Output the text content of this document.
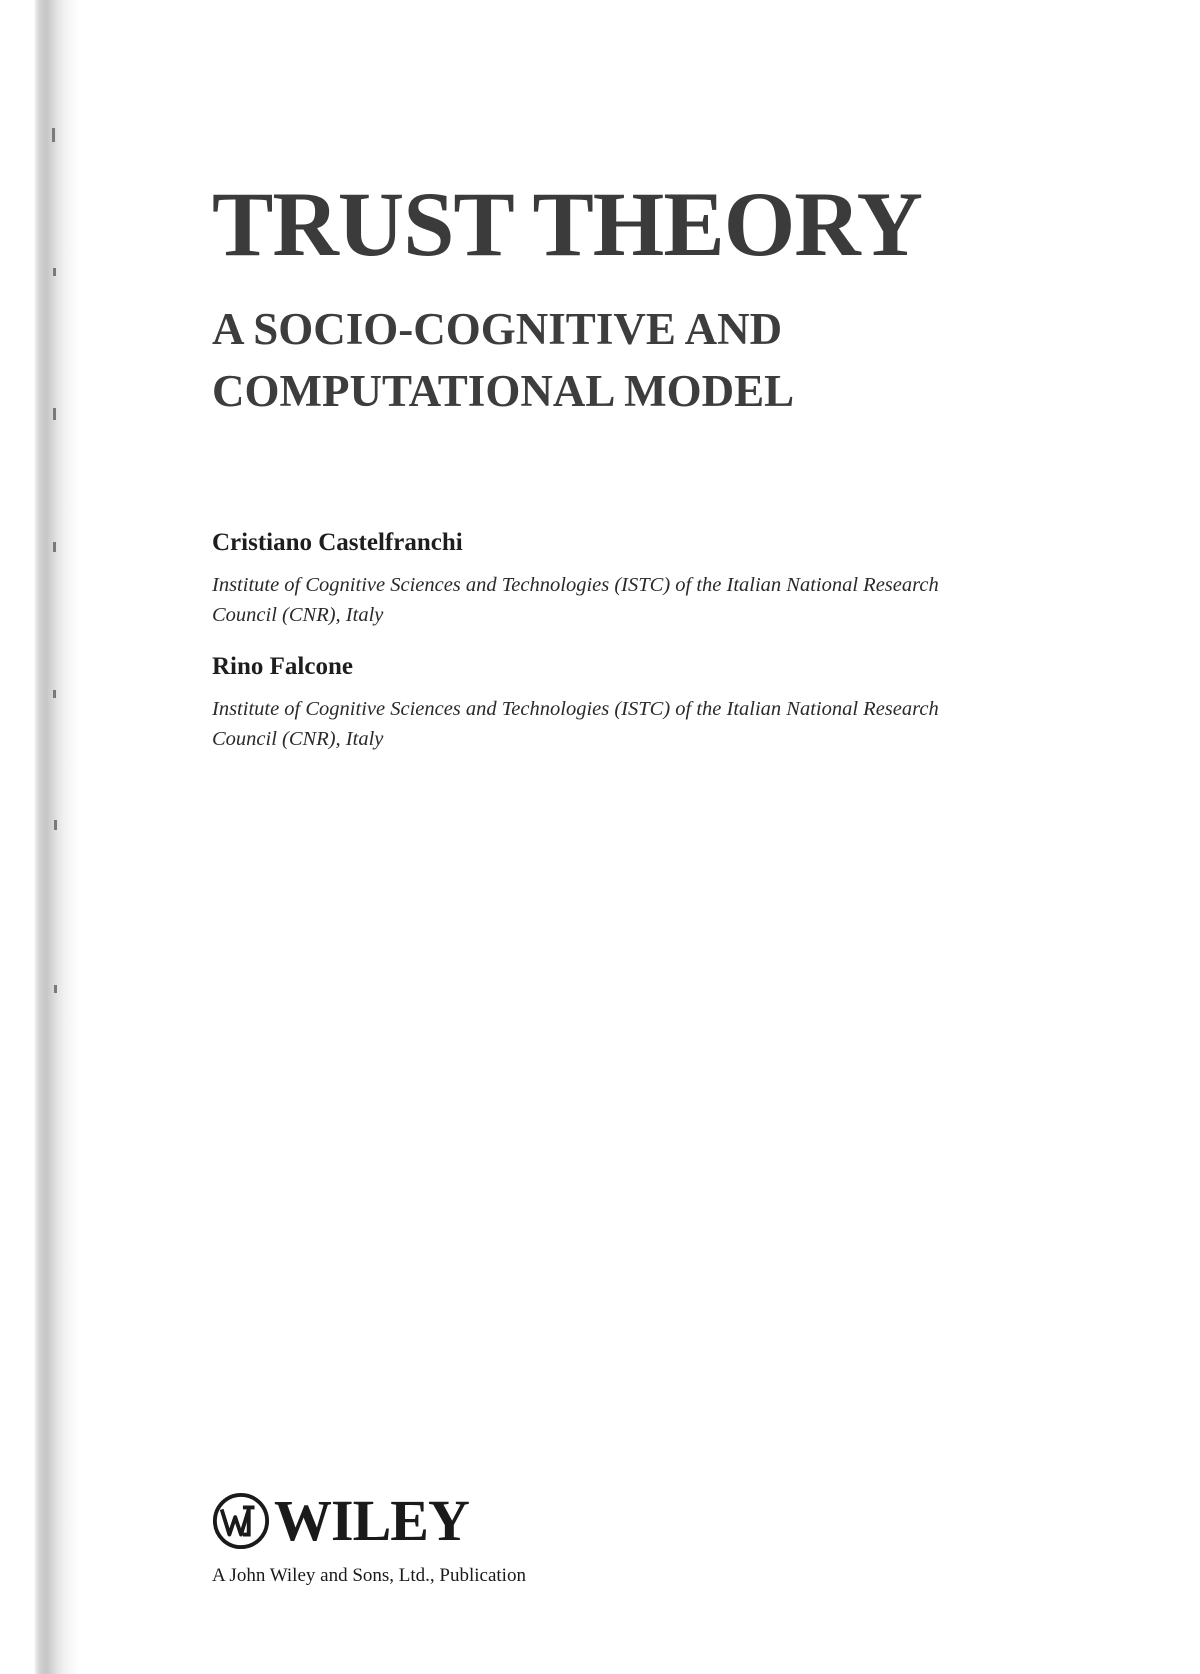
TRUST THEORY
A SOCIO-COGNITIVE AND
COMPUTATIONAL MODEL

Cristiano Castelfranchi

Institute of Cognitive Sciences and Technologies (ISTC) of the Italian National Research
Council (CNR), Italy

Rino Falcone

Institute of Cognitive Sciences and Technologies (ISTC) of the Italian National Research
Council (CNR), Italy

WILEY
A John Wiley and Sons, Ltd., Publication
